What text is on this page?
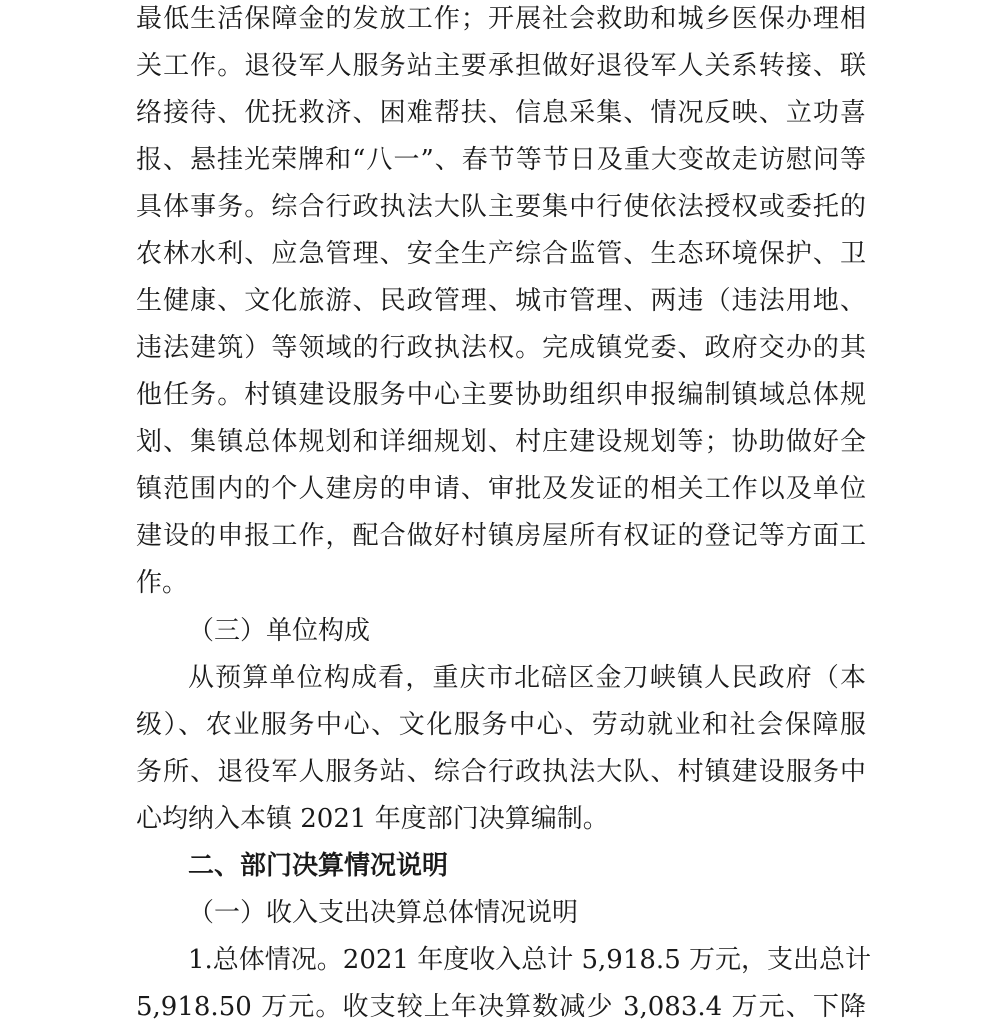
最低生活保障金的发放工作；开展社会救助和城乡医保办理相
关工作。退役军人服务站主要承担做好退役军人关系转接、联
络接待、优抚救济、困难帮扶、信息采集、情况反映、立功喜
报、悬挂光荣牌和“八一”、春节等节日及重大变故走访慰问等
具体事务。综合行政执法大队主要集中行使依法授权或委托的
农林水利、应急管理、安全生产综合监管、生态环境保护、卫
生健康、文化旅游、民政管理、城市管理、两违（违法用地、
违法建筑）等领域的行政执法权。完成镇党委、政府交办的其
他任务。村镇建设服务中心主要协助组织申报编制镇域总体规
划、集镇总体规划和详细规划、村庄建设规划等；协助做好全
镇范围内的个人建房的申请、审批及发证的相关工作以及单位
建设的申报工作，配合做好村镇房屋所有权证的登记等方面工
作。
（三）单位构成
从预算单位构成看，重庆市北碚区金刀峡镇人民政府（本
级）、农业服务中心、文化服务中心、劳动就业和社会保障服
务所、退役军人服务站、综合行政执法大队、村镇建设服务中
心均纳入本镇 2021 年度部门决算编制。
二、部门决算情况说明
（一）收入支出决算总体情况说明
1.总体情况。2021 年度收入总计 5,918.5 万元，支出总计
5,918.50 万元。收支较上年决算数减少 3,083.4 万元、下降
